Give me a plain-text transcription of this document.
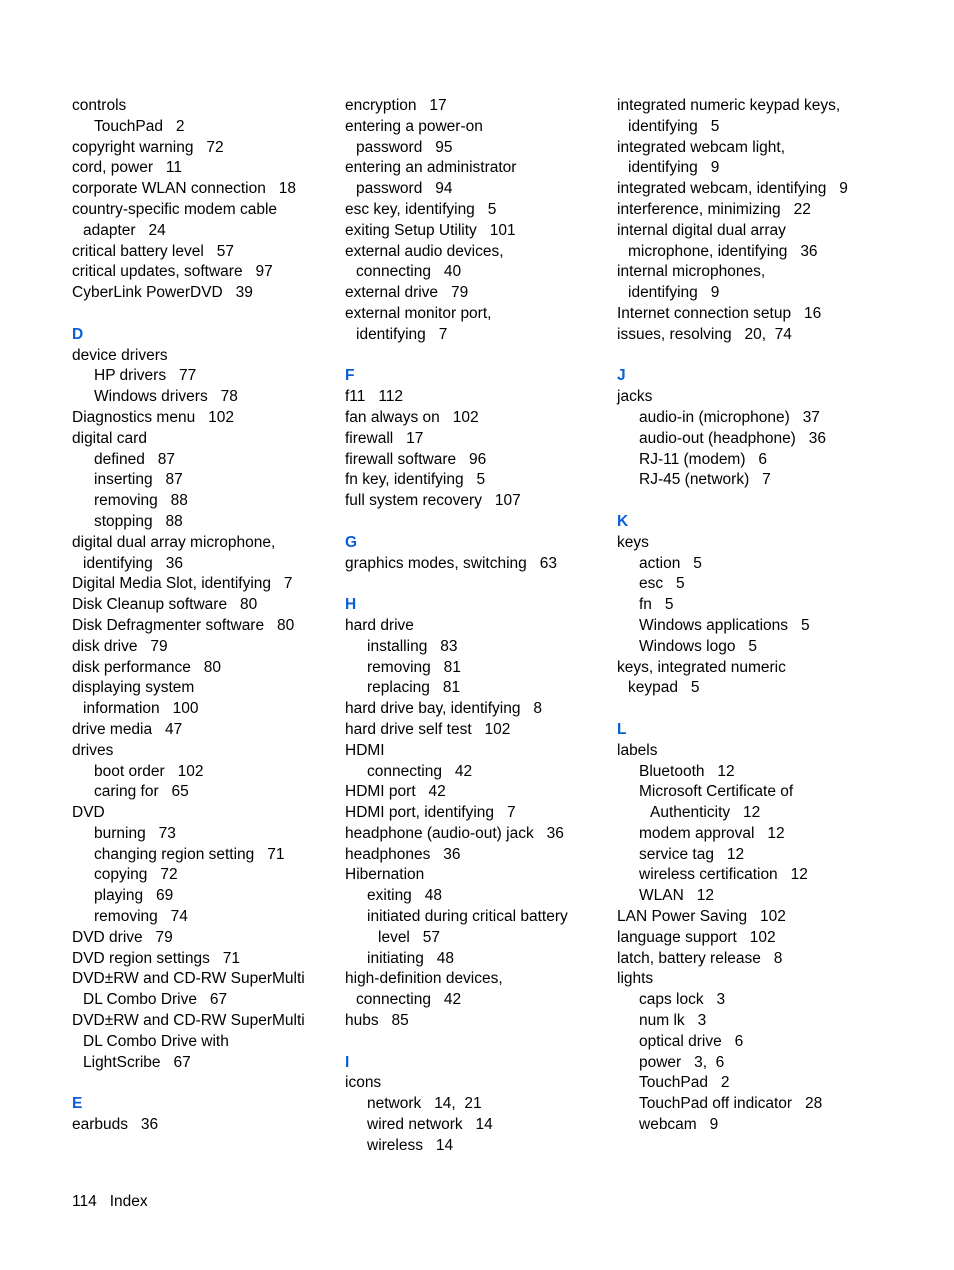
controls
TouchPad   2
copyright warning   72
cord, power   11
corporate WLAN connection   18
country-specific modem cable
adapter   24
critical battery level   57
critical updates, software   97
CyberLink PowerDVD   39
D
device drivers
HP drivers   77
Windows drivers   78
Diagnostics menu   102
digital card
defined   87
inserting   87
removing   88
stopping   88
digital dual array microphone,
identifying   36
Digital Media Slot, identifying   7
Disk Cleanup software   80
Disk Defragmenter software   80
disk drive   79
disk performance   80
displaying system
information   100
drive media   47
drives
boot order   102
caring for   65
DVD
burning   73
changing region setting   71
copying   72
playing   69
removing   74
DVD drive   79
DVD region settings   71
DVD±RW and CD-RW SuperMulti
DL Combo Drive   67
DVD±RW and CD-RW SuperMulti
DL Combo Drive with
LightScribe   67
E
earbuds   36
encryption   17
entering a power-on
password   95
entering an administrator
password   94
esc key, identifying   5
exiting Setup Utility   101
external audio devices,
connecting   40
external drive   79
external monitor port,
identifying   7
F
f11   112
fan always on   102
firewall   17
firewall software   96
fn key, identifying   5
full system recovery   107
G
graphics modes, switching   63
H
hard drive
installing   83
removing   81
replacing   81
hard drive bay, identifying   8
hard drive self test   102
HDMI
connecting   42
HDMI port   42
HDMI port, identifying   7
headphone (audio-out) jack   36
headphones   36
Hibernation
exiting   48
initiated during critical battery
level   57
initiating   48
high-definition devices,
connecting   42
hubs   85
I
icons
network   14,  21
wired network   14
wireless   14
integrated numeric keypad keys,
identifying   5
integrated webcam light,
identifying   9
integrated webcam, identifying   9
interference, minimizing   22
internal digital dual array
microphone, identifying   36
internal microphones,
identifying   9
Internet connection setup   16
issues, resolving   20,  74
J
jacks
audio-in (microphone)   37
audio-out (headphone)   36
RJ-11 (modem)   6
RJ-45 (network)   7
K
keys
action   5
esc   5
fn   5
Windows applications   5
Windows logo   5
keys, integrated numeric
keypad   5
L
labels
Bluetooth   12
Microsoft Certificate of
Authenticity   12
modem approval   12
service tag   12
wireless certification   12
WLAN   12
LAN Power Saving   102
language support   102
latch, battery release   8
lights
caps lock   3
num lk   3
optical drive   6
power   3,  6
TouchPad   2
TouchPad off indicator   28
webcam   9
114 Index
